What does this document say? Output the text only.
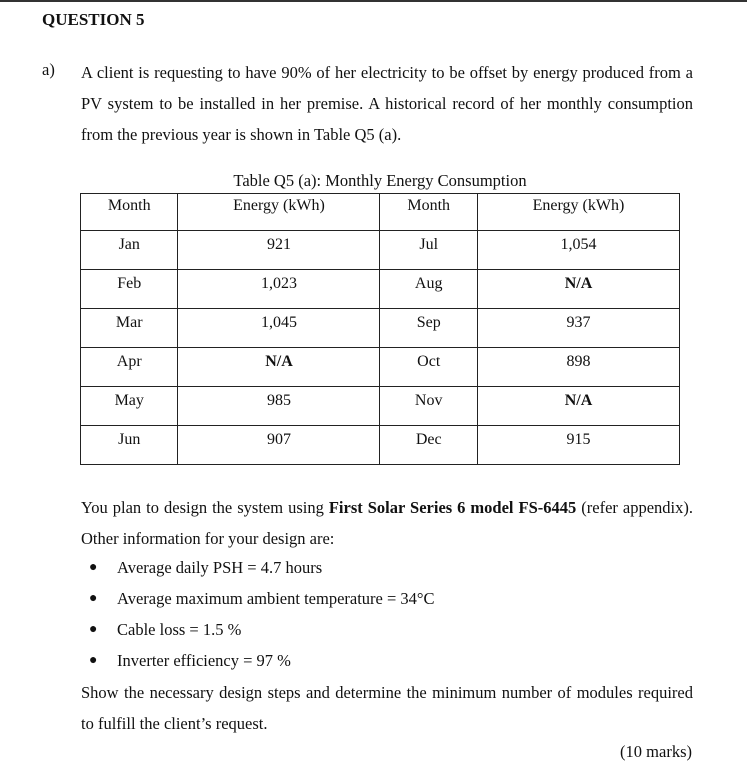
QUESTION 5
a) A client is requesting to have 90% of her electricity to be offset by energy produced from a PV system to be installed in her premise. A historical record of her monthly consumption from the previous year is shown in Table Q5 (a).
Table Q5 (a): Monthly Energy Consumption
Month	Energy (kWh)	Month	Energy (kWh)
Jan	921	Jul	1,054
Feb	1,023	Aug	N/A
Mar	1,045	Sep	937
Apr	N/A	Oct	898
May	985	Nov	N/A
Jun	907	Dec	915
You plan to design the system using First Solar Series 6 model FS-6445 (refer appendix). Other information for your design are:
●	Average daily PSH = 4.7 hours
●	Average maximum ambient temperature = 34°C
●	Cable loss = 1.5 %
●	Inverter efficiency = 97 %
Show the necessary design steps and determine the minimum number of modules required to fulfill the client’s request.
(10 marks)
